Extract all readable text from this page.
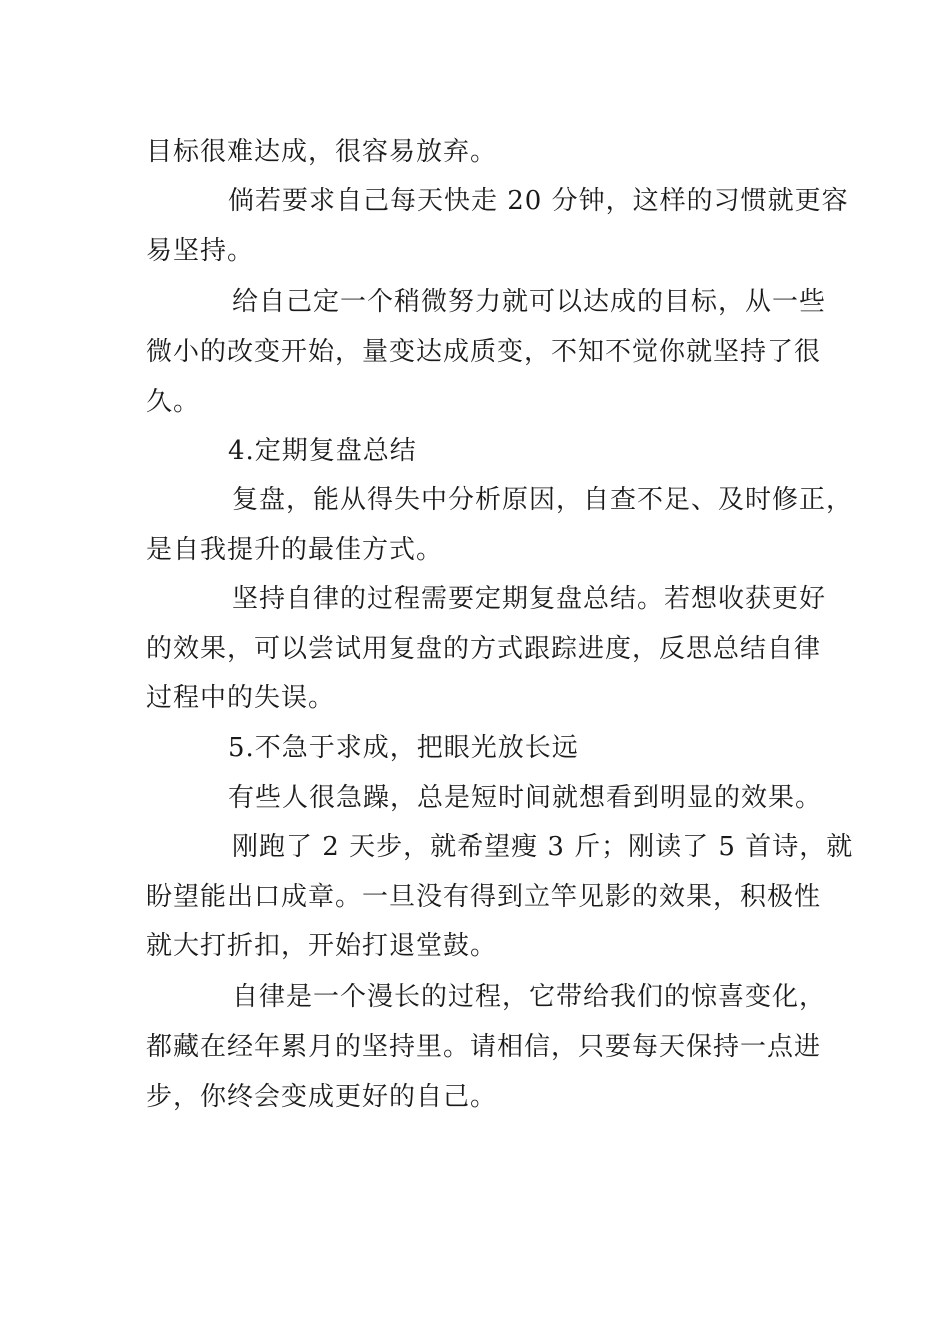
目标很难达成，很容易放弃。
倘若要求自己每天快走 20 分钟，这样的习惯就更容
易坚持。
给自己定一个稍微努力就可以达成的目标，从一些
微小的改变开始，量变达成质变，不知不觉你就坚持了很
久。
4.定期复盘总结
复盘，能从得失中分析原因，自查不足、及时修正，
是自我提升的最佳方式。
坚持自律的过程需要定期复盘总结。若想收获更好
的效果，可以尝试用复盘的方式跟踪进度，反思总结自律
过程中的失误。
5.不急于求成，把眼光放长远
有些人很急躁，总是短时间就想看到明显的效果。
刚跑了 2 天步，就希望瘦 3 斤；刚读了 5 首诗，就
盼望能出口成章。一旦没有得到立竿见影的效果，积极性
就大打折扣，开始打退堂鼓。
自律是一个漫长的过程，它带给我们的惊喜变化，
都藏在经年累月的坚持里。请相信，只要每天保持一点进
步，你终会变成更好的自己。
